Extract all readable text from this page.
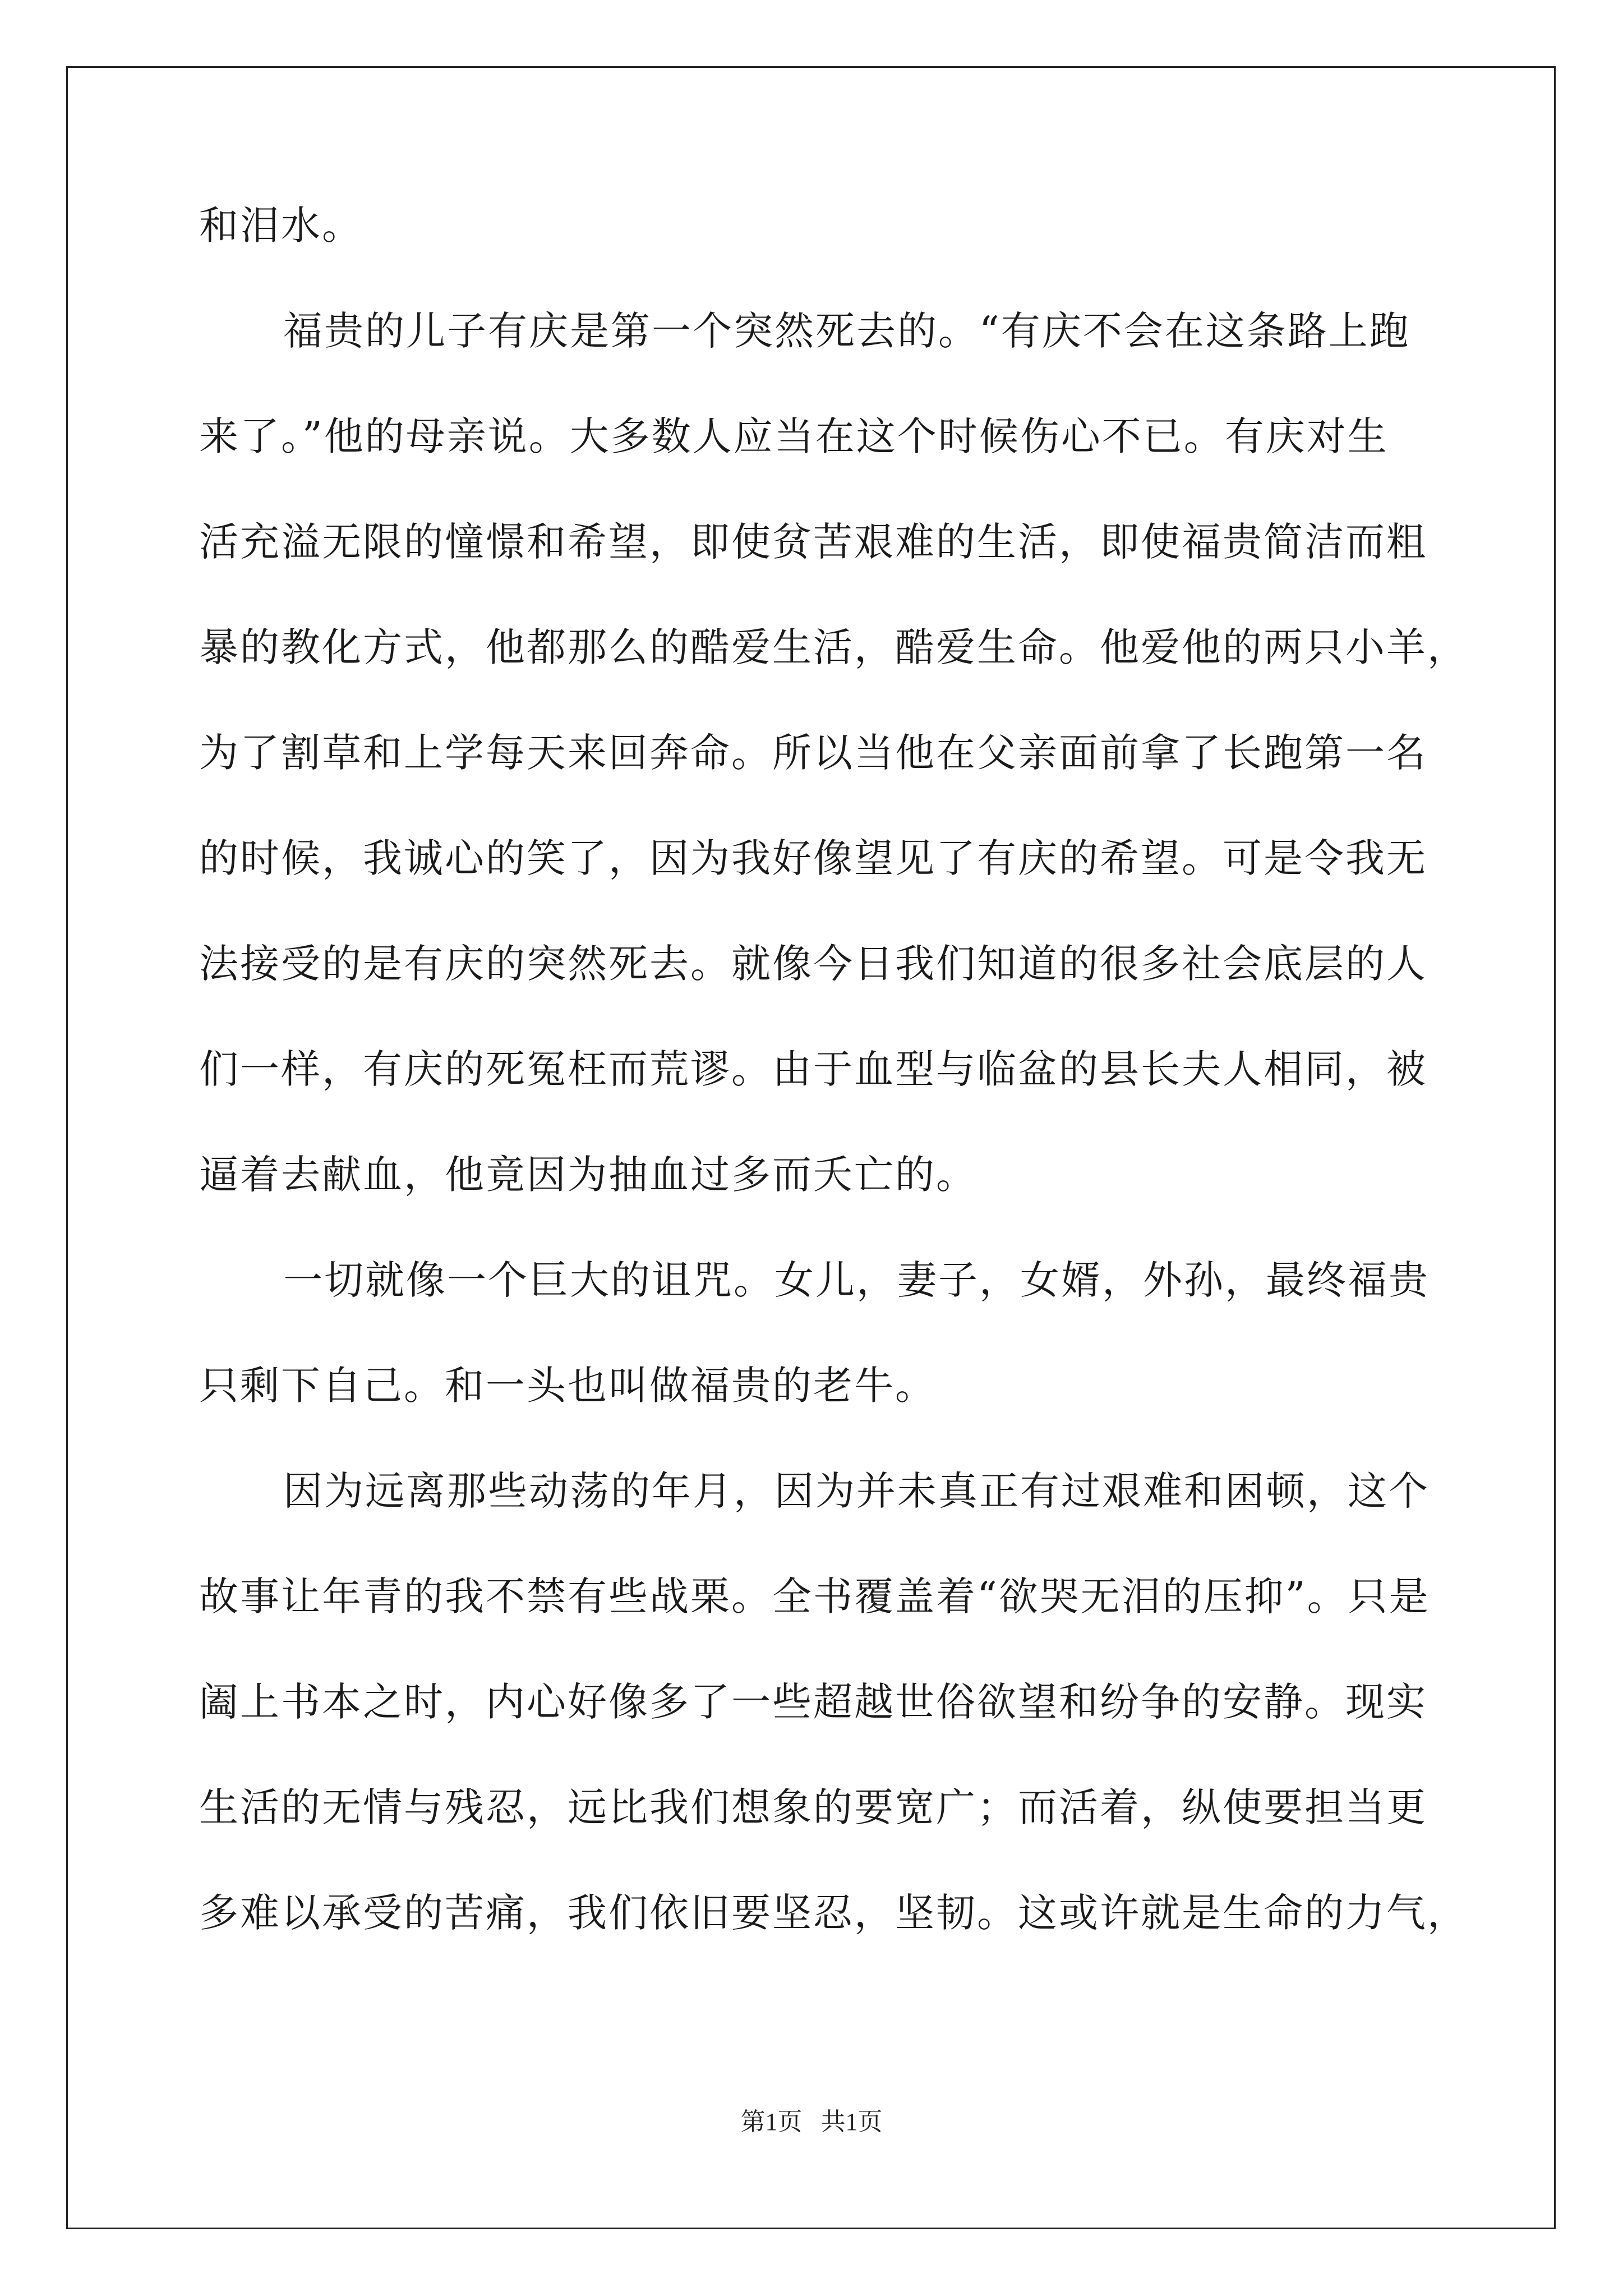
和泪水。
福贵的儿子有庆是第一个突然死去的。“有庆不会在这条路上跑
来了。”他的母亲说。大多数人应当在这个时候伤心不已。有庆对生
活充溢无限的憧憬和希望，即使贫苦艰难的生活，即使福贵简洁而粗
暴的教化方式，他都那么的酷爱生活，酷爱生命。他爱他的两只小羊，
为了割草和上学每天来回奔命。所以当他在父亲面前拿了长跑第一名
的时候，我诚心的笑了，因为我好像望见了有庆的希望。可是令我无
法接受的是有庆的突然死去。就像今日我们知道的很多社会底层的人
们一样，有庆的死冤枉而荒谬。由于血型与临盆的县长夫人相同，被
逼着去献血，他竟因为抽血过多而夭亡的。
一切就像一个巨大的诅咒。女儿，妻子，女婿，外孙，最终福贵
只剩下自己。和一头也叫做福贵的老牛。
因为远离那些动荡的年月，因为并未真正有过艰难和困顿，这个
故事让年青的我不禁有些战栗。全书覆盖着“欲哭无泪的压抑”。只是
阖上书本之时，内心好像多了一些超越世俗欲望和纷争的安静。现实
生活的无情与残忍，远比我们想象的要宽广；而活着，纵使要担当更
多难以承受的苦痛，我们依旧要坚忍，坚韧。这或许就是生命的力气，
第1页 共1页
